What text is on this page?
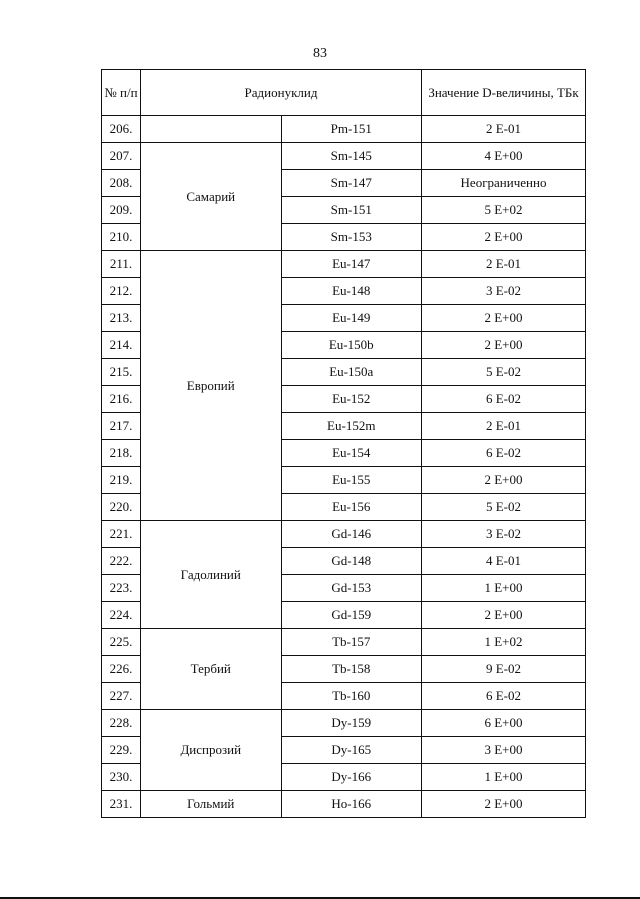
83
№ п/п	Радионуклид		Значение D-величины, ТБк
206.		Pm-151	2 E-01
207.	Самарий	Sm-145	4 E+00
208.		Sm-147	Неограниченно
209.		Sm-151	5 E+02
210.		Sm-153	2 E+00
211.	Европий	Eu-147	2 E-01
212.		Eu-148	3 E-02
213.		Eu-149	2 E+00
214.		Eu-150b	2 E+00
215.		Eu-150a	5 E-02
216.		Eu-152	6 E-02
217.		Eu-152m	2 E-01
218.		Eu-154	6 E-02
219.		Eu-155	2 E+00
220.		Eu-156	5 E-02
221.	Гадолиний	Gd-146	3 E-02
222.		Gd-148	4 E-01
223.		Gd-153	1 E+00
224.		Gd-159	2 E+00
225.	Тербий	Tb-157	1 E+02
226.		Tb-158	9 E-02
227.		Tb-160	6 E-02
228.	Диспрозий	Dy-159	6 E+00
229.		Dy-165	3 E+00
230.		Dy-166	1 E+00
231.	Гольмий	Ho-166	2 E+00
